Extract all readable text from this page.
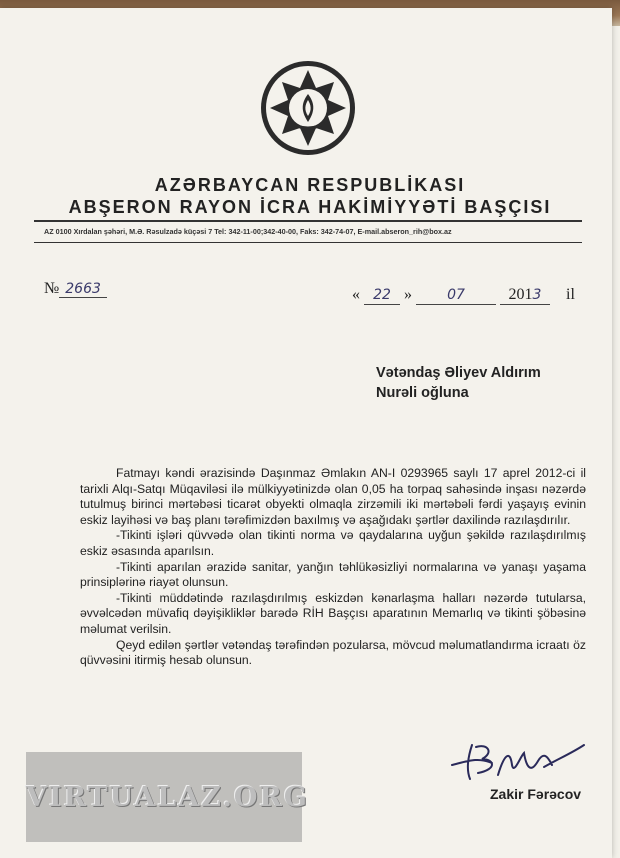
AZƏRBAYCAN RESPUBLİKASI
ABŞERON RAYON İCRA HAKİMİYYƏTİ BAŞÇISI
AZ 0100 Xırdalan şəhəri, M.Ə. Rəsulzadə küçəsi 7 Tel: 342-11-00;342-40-00, Faks: 342-74-07, E-mail.abseron_rih@box.az
№ 2663	« 22 »	07	2013 il
Vətəndaş Əliyev Aldırım
Nurəli oğluna

Fatmayı kəndi ərazisində Daşınmaz Əmlakın AN-I 0293965 saylı 17 aprel 2012-ci il tarixli Alqı-Satqı Müqaviləsi ilə mülkiyyətinizdə olan 0,05 ha torpaq sahəsində inşası nəzərdə tutulmuş birinci mərtəbəsi ticarət obyekti olmaqla zirzəmili iki mərtəbəli fərdi yaşayış evinin eskiz layihəsi və baş planı tərəfimizdən baxılmış və aşağıdakı şərtlər daxilində razılaşdırılır.

-Tikinti işləri qüvvədə olan tikinti norma və qaydalarına uyğun şəkildə razılaşdırılmış eskiz əsasında aparılsın.

-Tikinti aparılan ərazidə sanitar, yanğın təhlükəsizliyi normalarına və yanaşı yaşama prinsiplərinə riayət olunsun.

-Tikinti müddətində razılaşdırılmış eskizdən kənarlaşma halları nəzərdə tutularsa, əvvəlcədən müvafiq dəyişikliklər barədə RİH Başçısı aparatının Memarlıq və tikinti şöbəsinə məlumat verilsin.

Qeyd edilən şərtlər vətəndaş tərəfindən pozularsa, mövcud məlumatlandırma icraatı öz qüvvəsini itirmiş hesab olunsun.

Zakir Fərəcov
VIRTUALAZ.ORG
